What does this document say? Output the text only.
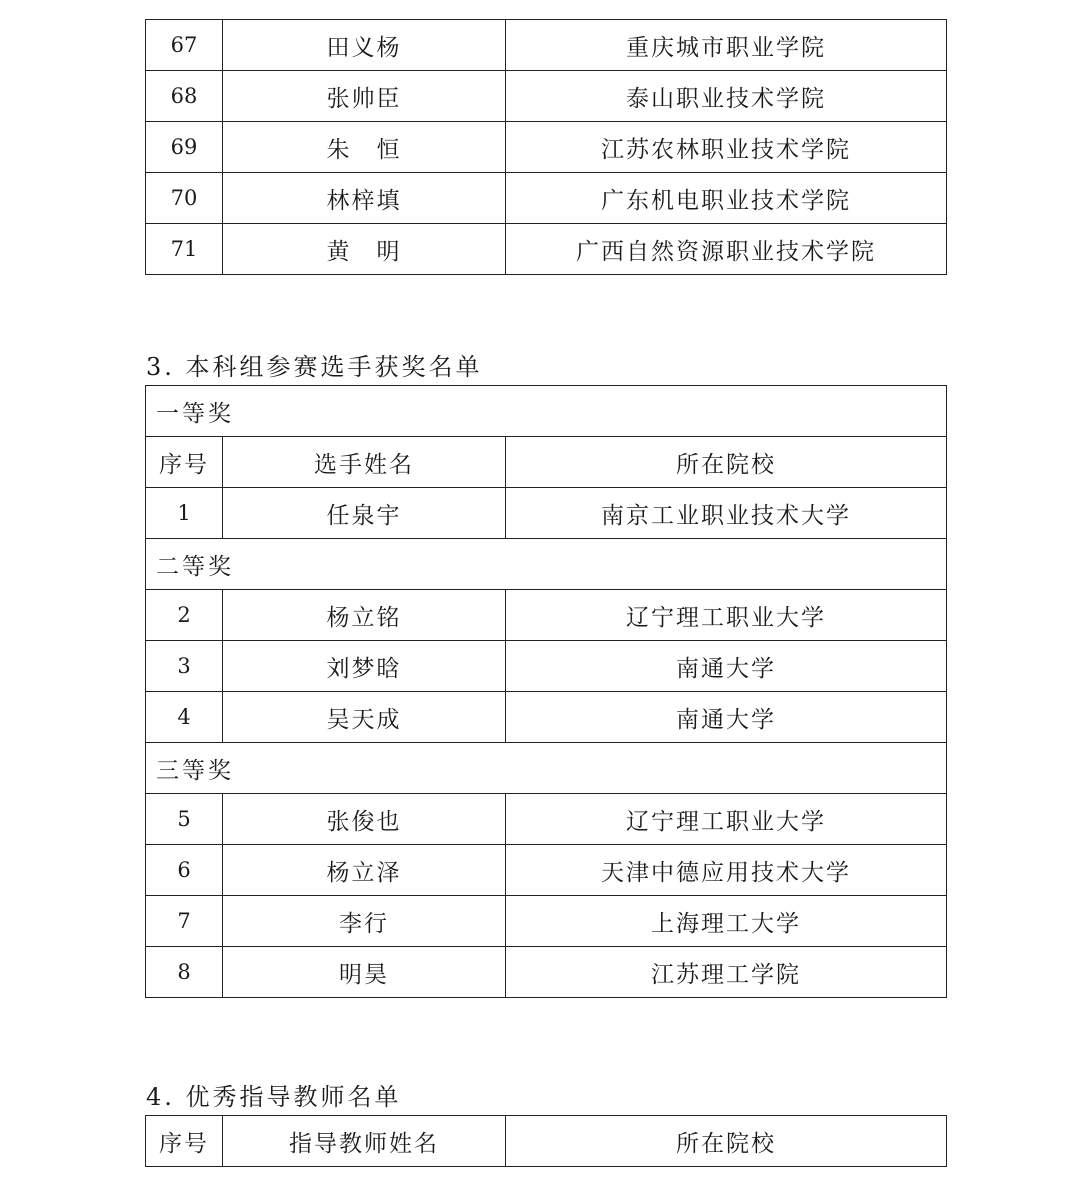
67	田义杨	重庆城市职业学院
68	张帅臣	泰山职业技术学院
69	朱　恒	江苏农林职业技术学院
70	林梓填	广东机电职业技术学院
71	黄　明	广西自然资源职业技术学院
3. 本科组参赛选手获奖名单
一等奖		
序号	选手姓名	所在院校
1	任泉宇	南京工业职业技术大学
二等奖		
2	杨立铭	辽宁理工职业大学
3	刘梦晗	南通大学
4	吴天成	南通大学
三等奖		
5	张俊也	辽宁理工职业大学
6	杨立泽	天津中德应用技术大学
7	李行	上海理工大学
8	明昊	江苏理工学院
4. 优秀指导教师名单
序号	指导教师姓名	所在院校
